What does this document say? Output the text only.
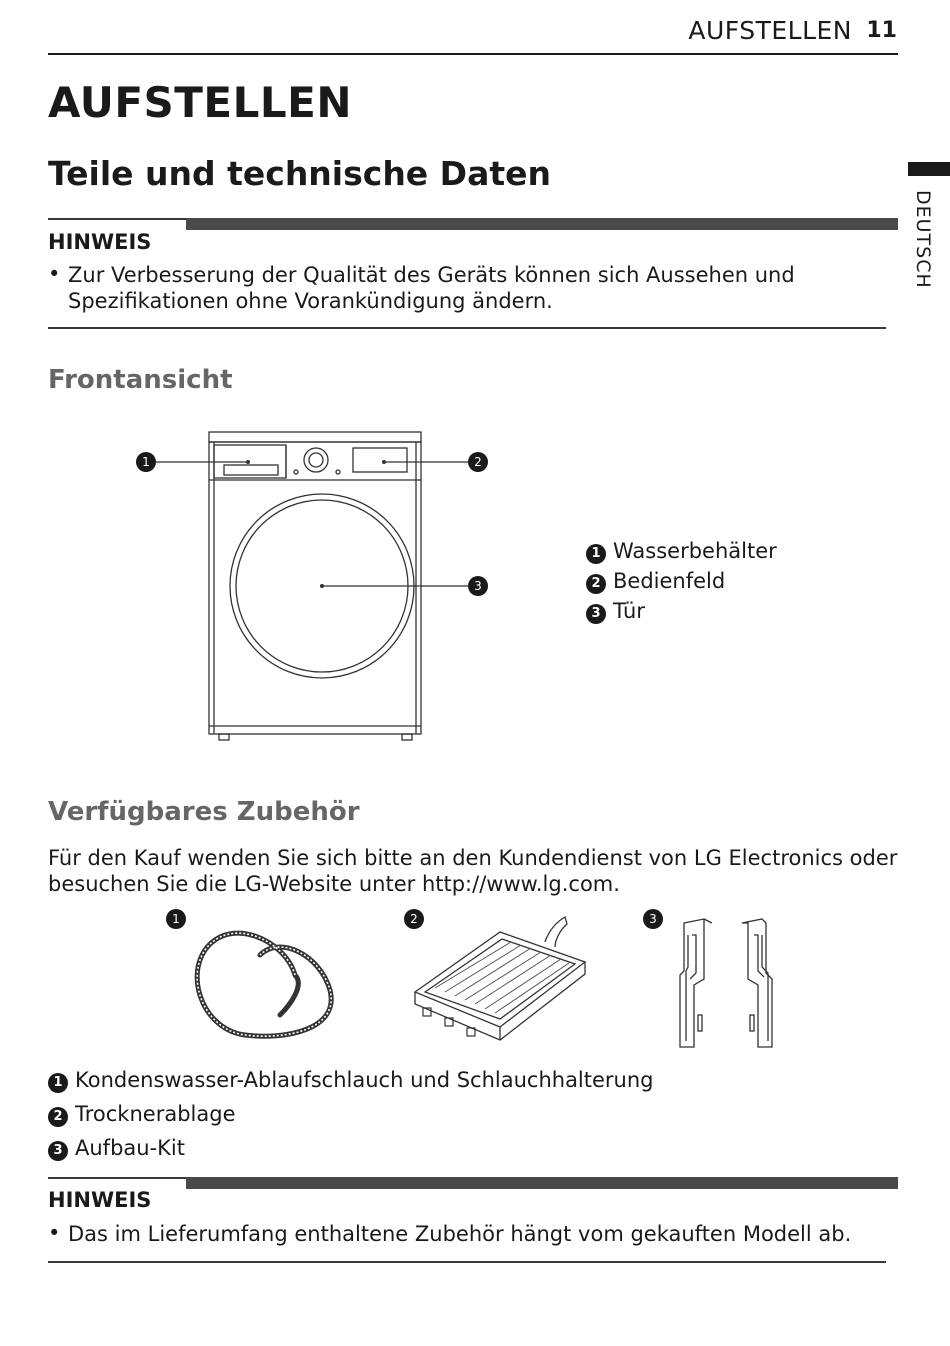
AUFSTELLEN 11
DEUTSCH
AUFSTELLEN
Teile und technische Daten
HINWEIS
• Zur Verbesserung der Qualität des Geräts können sich Aussehen und Spezifikationen ohne Vorankündigung ändern.
Frontansicht
1	2
3
1 Wasserbehälter
2 Bedienfeld
3 Tür
Verfügbares Zubehör
Für den Kauf wenden Sie sich bitte an den Kundendienst von LG Electronics oder besuchen Sie die LG-Website unter http://www.lg.com.
1	2	3
1 Kondenswasser-Ablaufschlauch und Schlauchhalterung
2 Trocknerablage
3 Aufbau-Kit
HINWEIS
• Das im Lieferumfang enthaltene Zubehör hängt vom gekauften Modell ab.
